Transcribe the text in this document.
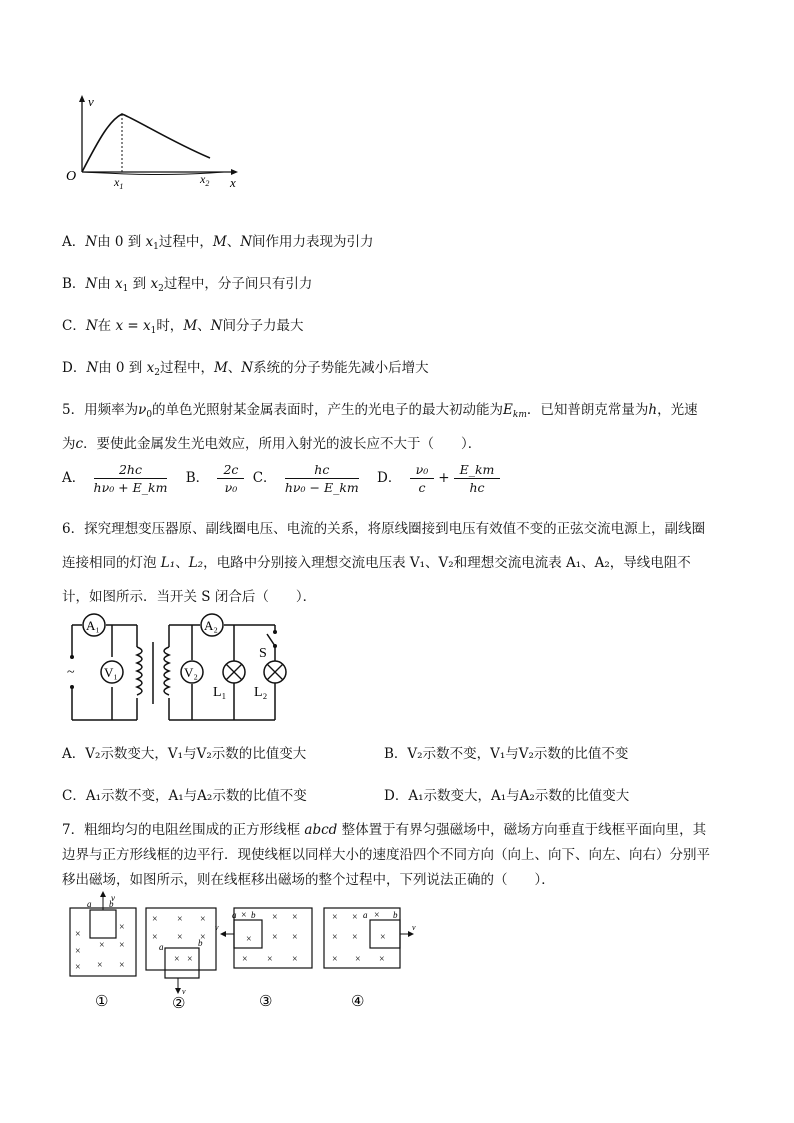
v
O	x
$x_1$
$x_2$
A．N由 0 到 $x_1$过程中，M、N间作用力表现为引力
B．N由 $x_1$ 到 $x_2$过程中，分子间只有引力
C．N在 $x = x_1$时，M、N间分子力最大
D．N由 0 到 $x_2$过程中，M、N系统的分子势能先减小后增大
5．用频率为$\nu_0$的单色光照射某金属表面时，产生的光电子的最大初动能为$E_{km}$．已知普朗克常量为h，光速
为c．要使此金属发生光电效应，所用入射光的波长应不大于（　　）．
A． $\frac{2hc}{\text{hν₀ + E\_km}}$ B． $\frac{2c}{\text{ν₀}}$ C． $\frac{hc}{\text{hν₀ − E\_km}}$ D． $\frac{\text{ν₀}}{c} + \frac{E\_km}{hc}$
6．探究理想变压器原、副线圈电压、电流的关系，将原线圈接到电压有效值不变的正弦交流电源上，副线圈
连接相同的灯泡 L₁、L₂，电路中分别接入理想交流电压表 V₁、V₂和理想交流电流表 A₁、A₂，导线电阻不
计，如图所示．当开关 S 闭合后（　　）．
~
A₁
V₁	V₂
A₂
L₁ L₂
S
A．V₂示数变大，V₁与V₂示数的比值变大	B．V₂示数不变，V₁与V₂示数的比值不变
C．A₁示数不变，A₁与A₂示数的比值不变	D．A₁示数变大，A₁与A₂示数的比值变大
7．粗细均匀的电阻丝围成的正方形线框 abcd 整体置于有界匀强磁场中，磁场方向垂直于线框平面向里，其
边界与正方形线框的边平行．现使线框以同样大小的速度沿四个不同方向（向上、向下、向左、向右）分别平
移出磁场，如图所示，则在线框移出磁场的整个过程中，下列说法正确的（　　）．
a
v
b
×
×
×
×
×
× × ×
①
v
a	b
× × ×
× × ×
× ×
②
v
a × b × ×
× × ×
× × ×
③
v
× × a × b
× × ×
× × ×
④
